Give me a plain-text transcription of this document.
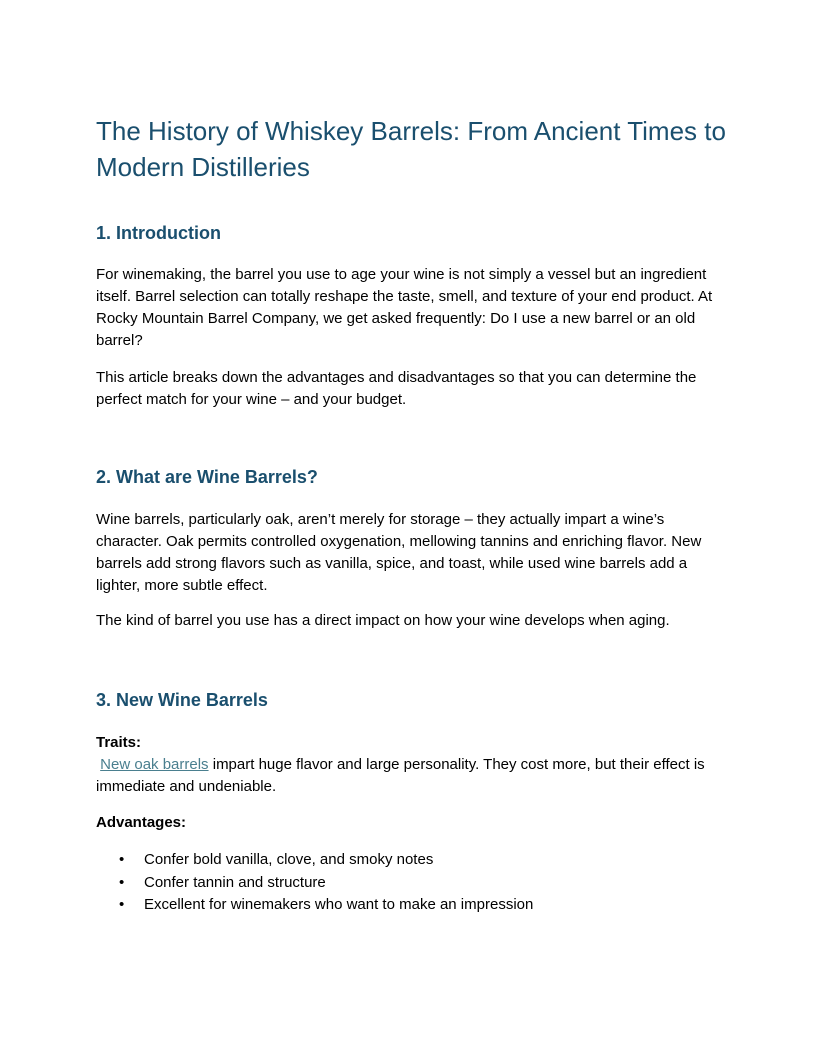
The History of Whiskey Barrels: From Ancient Times to Modern Distilleries
1. Introduction

For winemaking, the barrel you use to age your wine is not simply a vessel but an ingredient itself. Barrel selection can totally reshape the taste, smell, and texture of your end product. At Rocky Mountain Barrel Company, we get asked frequently: Do I use a new barrel or an old barrel?

This article breaks down the advantages and disadvantages so that you can determine the perfect match for your wine – and your budget.

2. What are Wine Barrels?

Wine barrels, particularly oak, aren’t merely for storage – they actually impart a wine’s character. Oak permits controlled oxygenation, mellowing tannins and enriching flavor. New barrels add strong flavors such as vanilla, spice, and toast, while used wine barrels add a lighter, more subtle effect.

The kind of barrel you use has a direct impact on how your wine develops when aging.

3. New Wine Barrels

Traits:
New oak barrels impart huge flavor and large personality. They cost more, but their effect is immediate and undeniable.

Advantages:

• Confer bold vanilla, clove, and smoky notes
• Confer tannin and structure
• Excellent for winemakers who want to make an impression
